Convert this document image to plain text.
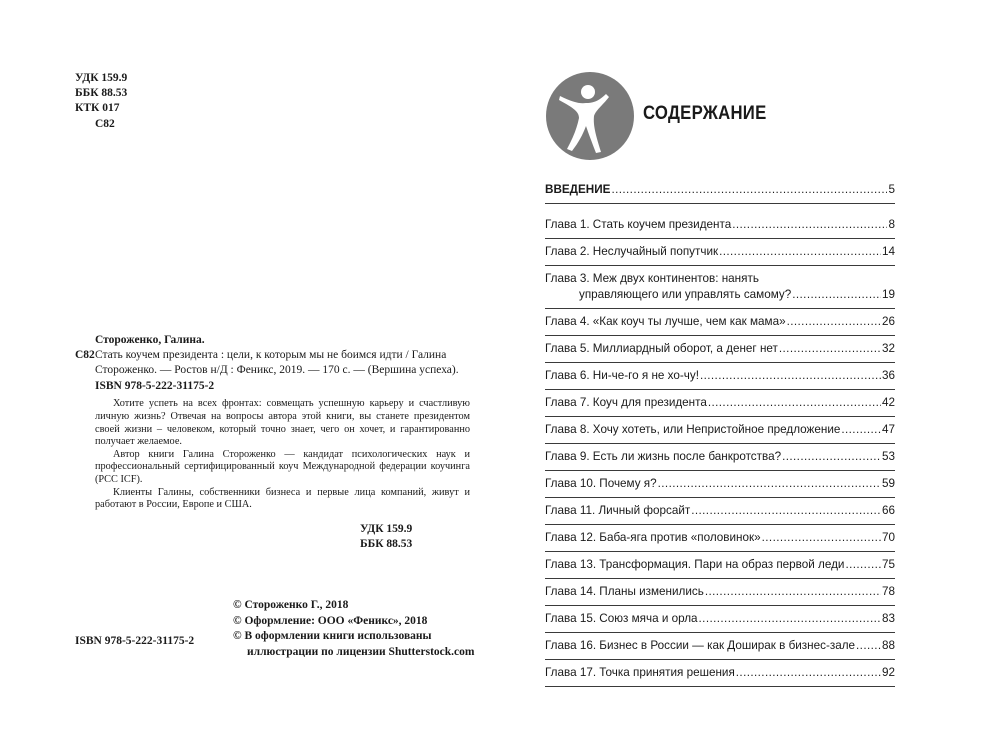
УДК 159.9
ББК 88.53
КТК 017
С82
Стороженко, Галина.
С82 Стать коучем президента : цели, к которым мы не боимся идти / Галина
Стороженко. — Ростов н/Д : Феникс, 2019. — 170 с. — (Вершина успеха).
ISBN 978-5-222-31175-2

Хотите успеть на всех фронтах: совмещать успешную карьеру и счастливую личную жизнь? Отвечая на вопросы автора этой книги, вы станете президентом своей жизни – человеком, который точно знает, чего он хочет, и гарантированно получает желаемое.

Автор книги Галина Стороженко — кандидат психологических наук и профессиональный сертифицированный коуч Международной федерации коучинга (PCC ICF).

Клиенты Галины, собственники бизнеса и первые лица компаний, живут и работают в России, Европе и США.

УДК 159.9
ББК 88.53
© Стороженко Г., 2018
© Оформление: ООО «Феникс», 2018
© В оформлении книги использованы
иллюстрации по лицензии Shutterstock.com
ISBN 978-5-222-31175-2
СОДЕРЖАНИЕ
ВВЕДЕНИЕ .....	5
Глава 1. Стать коучем президента .....	8
Глава 2. Неслучайный попутчик .....	14
Глава 3. Меж двух континентов: нанять
управляющего или управлять самому? .....	19
Глава 4. «Как коуч ты лучше, чем как мама» .....	26
Глава 5. Миллиардный оборот, а денег нет .....	32
Глава 6. Ни-че-го я не хо-чу! .....	36
Глава 7. Коуч для президента .....	42
Глава 8. Хочу хотеть, или Непристойное предложение .....	47
Глава 9. Есть ли жизнь после банкротства? .....	53
Глава 10. Почему я? .....	59
Глава 11. Личный форсайт .....	66
Глава 12. Баба-яга против «половинок» .....	70
Глава 13. Трансформация. Пари на образ первой леди .....	75
Глава 14. Планы изменились .....	78
Глава 15. Союз мяча и орла .....	83
Глава 16. Бизнес в России — как Доширак в бизнес-зале ..... 88
Глава 17. Точка принятия решения .....	92
